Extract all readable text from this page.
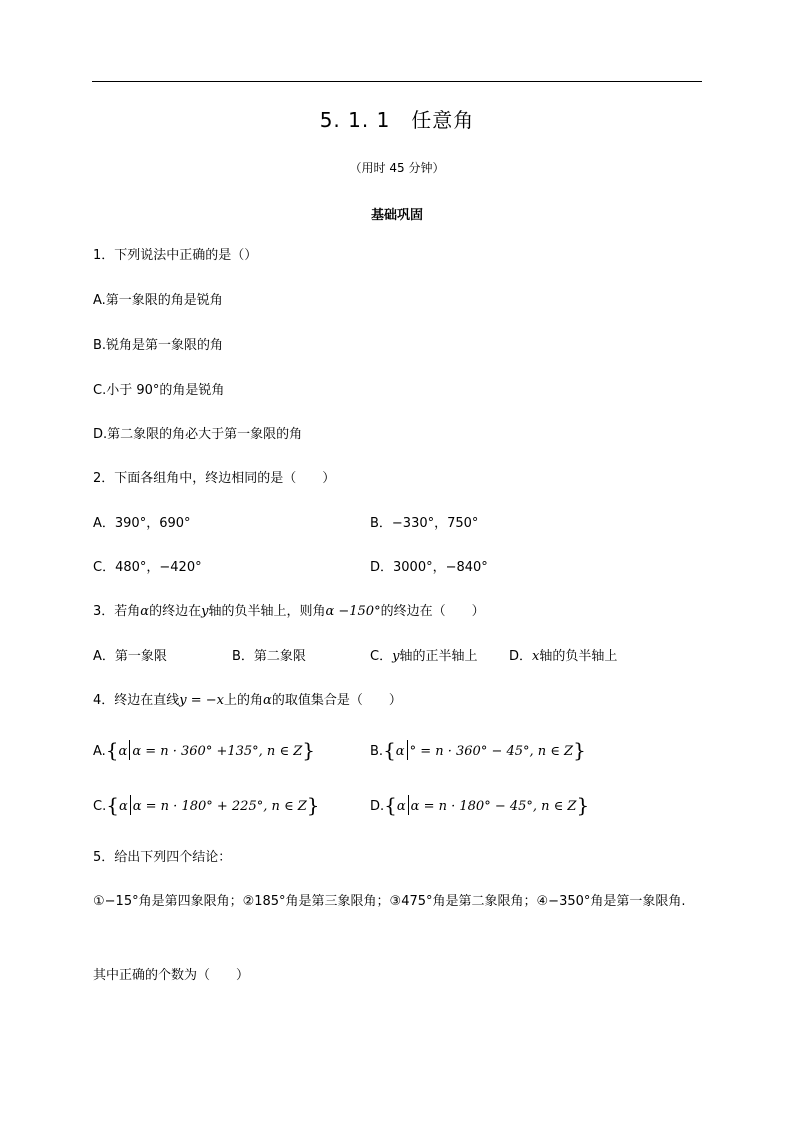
5. 1. 1　任意角
（用时 45 分钟）
基础巩固
1．下列说法中正确的是（）
A.第一象限的角是锐角
B.锐角是第一象限的角
C.小于 90°的角是锐角
D.第二象限的角必大于第一象限的角
2．下面各组角中，终边相同的是（　　）
A．390°，690°	B．−330°，750°
C．480°，−420°	D．3000°，−840°
3．若角α的终边在y轴的负半轴上，则角α −150°的终边在（　　）
A．第一象限	B．第二象限	C．y轴的正半轴上 D．x轴的负半轴上
4．终边在直线y = −x上的角α的取值集合是（　　）
A.{α α = n · 360° +135°, n ∈ Z}	B.{α ° = n · 360° − 45°, n ∈ Z}
C.{α α = n · 180° + 225°, n ∈ Z}	D.{α α = n · 180° − 45°, n ∈ Z}
5．给出下列四个结论：
①−15°角是第四象限角；②185°角是第三象限角；③475°角是第二象限角；④−350°角是第一象限角.
其中正确的个数为（　　）
